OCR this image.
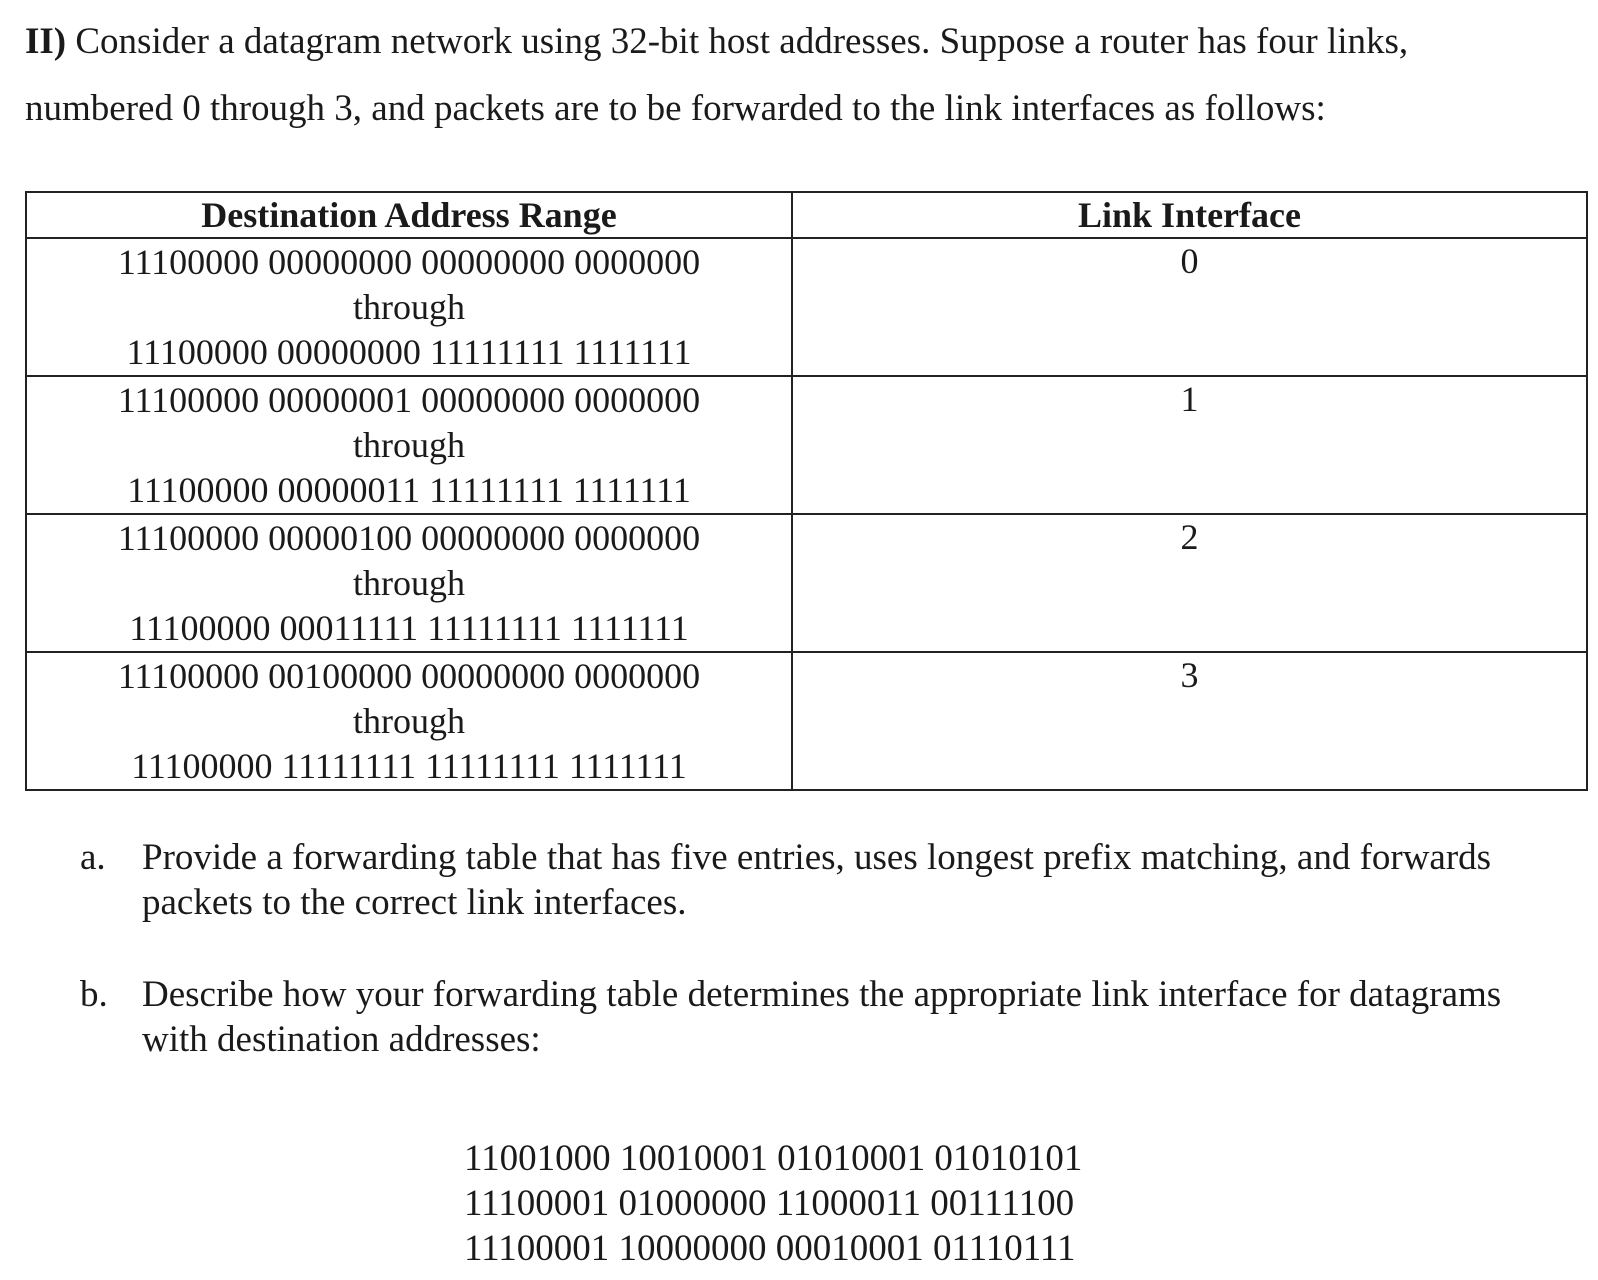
II) Consider a datagram network using 32-bit host addresses. Suppose a router has four links,
numbered 0 through 3, and packets are to be forwarded to the link interfaces as follows:
Destination Address Range	Link Interface

11100000 00000000 00000000 0000000
through
11100000 00000000 11111111 1111111	0

11100000 00000001 00000000 0000000
through
11100000 00000011 11111111 1111111	1

11100000 00000100 00000000 0000000
through
11100000 00011111 11111111 1111111	2

11100000 00100000 00000000 0000000
through
11100000 11111111 11111111 1111111	3
a. Provide a forwarding table that has five entries, uses longest prefix matching, and forwards packets to the correct link interfaces.
b. Describe how your forwarding table determines the appropriate link interface for datagrams with destination addresses:
11001000 10010001 01010001 01010101
11100001 01000000 11000011 00111100
11100001 10000000 00010001 01110111
